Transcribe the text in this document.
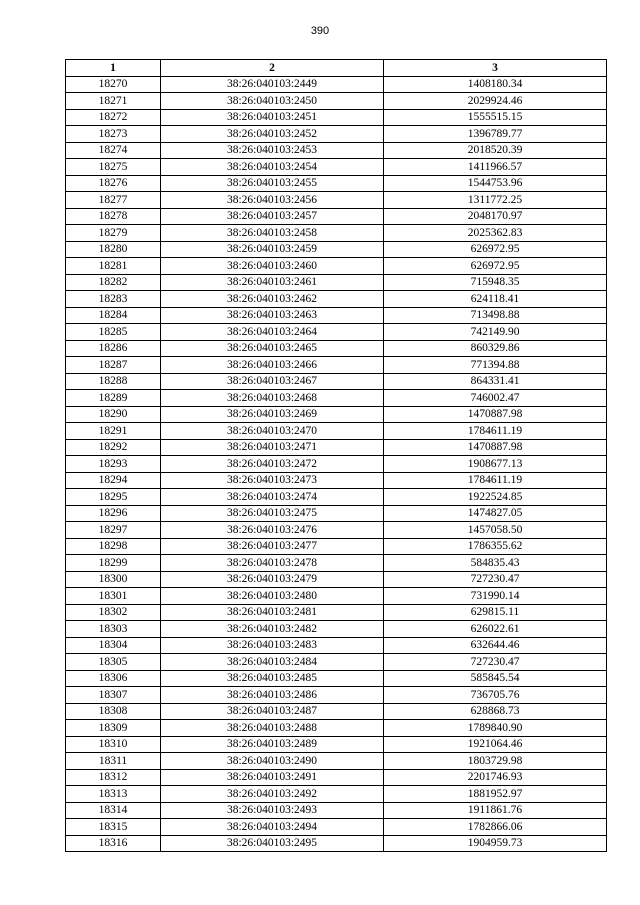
390
1	2	3
18270	38:26:040103:2449	1408180.34
18271	38:26:040103:2450	2029924.46
18272	38:26:040103:2451	1555515.15
18273	38:26:040103:2452	1396789.77
18274	38:26:040103:2453	2018520.39
18275	38:26:040103:2454	1411966.57
18276	38:26:040103:2455	1544753.96
18277	38:26:040103:2456	1311772.25
18278	38:26:040103:2457	2048170.97
18279	38:26:040103:2458	2025362.83
18280	38:26:040103:2459	626972.95
18281	38:26:040103:2460	626972.95
18282	38:26:040103:2461	715948.35
18283	38:26:040103:2462	624118.41
18284	38:26:040103:2463	713498.88
18285	38:26:040103:2464	742149.90
18286	38:26:040103:2465	860329.86
18287	38:26:040103:2466	771394.88
18288	38:26:040103:2467	864331.41
18289	38:26:040103:2468	746002.47
18290	38:26:040103:2469	1470887.98
18291	38:26:040103:2470	1784611.19
18292	38:26:040103:2471	1470887.98
18293	38:26:040103:2472	1908677.13
18294	38:26:040103:2473	1784611.19
18295	38:26:040103:2474	1922524.85
18296	38:26:040103:2475	1474827.05
18297	38:26:040103:2476	1457058.50
18298	38:26:040103:2477	1786355.62
18299	38:26:040103:2478	584835.43
18300	38:26:040103:2479	727230.47
18301	38:26:040103:2480	731990.14
18302	38:26:040103:2481	629815.11
18303	38:26:040103:2482	626022.61
18304	38:26:040103:2483	632644.46
18305	38:26:040103:2484	727230.47
18306	38:26:040103:2485	585845.54
18307	38:26:040103:2486	736705.76
18308	38:26:040103:2487	628868.73
18309	38:26:040103:2488	1789840.90
18310	38:26:040103:2489	1921064.46
18311	38:26:040103:2490	1803729.98
18312	38:26:040103:2491	2201746.93
18313	38:26:040103:2492	1881952.97
18314	38:26:040103:2493	1911861.76
18315	38:26:040103:2494	1782866.06
18316	38:26:040103:2495	1904959.73
